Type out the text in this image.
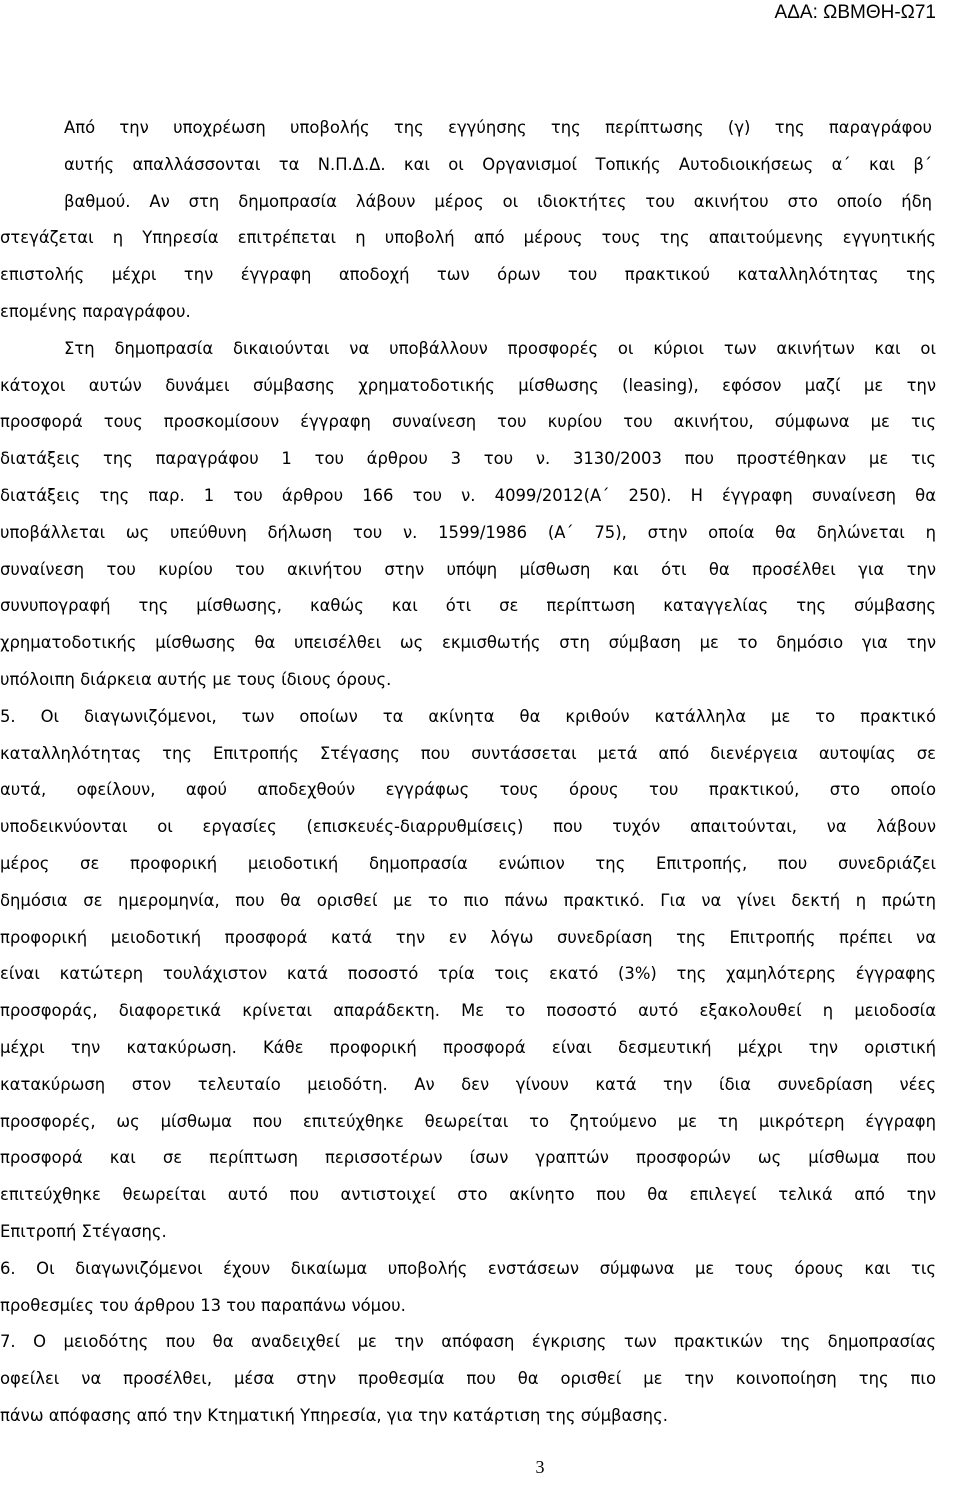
ΑΔΑ: ΩΒΜΘΗ-Ω71
Από την υποχρέωση υποβολής της εγγύησης της περίπτωσης (γ) της παραγράφου
αυτής απαλλάσσονται τα Ν.Π.Δ.Δ. και οι Οργανισμοί Τοπικής Αυτοδιοικήσεως α΄ και β΄
βαθμού. Αν στη δημοπρασία λάβουν μέρος οι ιδιοκτήτες του ακινήτου στο οποίο ήδη
στεγάζεται η Υπηρεσία επιτρέπεται η υποβολή από μέρους τους της απαιτούμενης εγγυητικής
επιστολής μέχρι την έγγραφη αποδοχή των όρων του πρακτικού καταλληλότητας της
επομένης παραγράφου.
Στη δημοπρασία δικαιούνται να υποβάλλουν προσφορές οι κύριοι των ακινήτων και οι
κάτοχοι αυτών δυνάμει σύμβασης χρηματοδοτικής μίσθωσης (leasing), εφόσον μαζί με την
προσφορά τους προσκομίσουν έγγραφη συναίνεση του κυρίου του ακινήτου, σύμφωνα με τις
διατάξεις της παραγράφου 1 του άρθρου 3 του ν. 3130/2003 που προστέθηκαν με τις
διατάξεις της παρ. 1 του άρθρου 166 του ν. 4099/2012(Α΄ 250). Η έγγραφη συναίνεση θα
υποβάλλεται ως υπεύθυνη δήλωση του ν. 1599/1986 (Α΄ 75), στην οποία θα δηλώνεται η
συναίνεση του κυρίου του ακινήτου στην υπόψη μίσθωση και ότι θα προσέλθει για την
συνυπογραφή της μίσθωσης, καθώς και ότι σε περίπτωση καταγγελίας της σύμβασης
χρηματοδοτικής μίσθωσης θα υπεισέλθει ως εκμισθωτής στη σύμβαση με το δημόσιο για την
υπόλοιπη διάρκεια αυτής με τους ίδιους όρους.
5. Οι διαγωνιζόμενοι, των οποίων τα ακίνητα θα κριθούν κατάλληλα με το πρακτικό
καταλληλότητας της Επιτροπής Στέγασης που συντάσσεται μετά από διενέργεια αυτοψίας σε
αυτά, οφείλουν, αφού αποδεχθούν εγγράφως τους όρους του πρακτικού, στο οποίο
υποδεικνύονται οι εργασίες (επισκευές-διαρρυθμίσεις) που τυχόν απαιτούνται, να λάβουν
μέρος σε προφορική μειοδοτική δημοπρασία ενώπιον της Επιτροπής, που συνεδριάζει
δημόσια σε ημερομηνία, που θα ορισθεί με το πιο πάνω πρακτικό. Για να γίνει δεκτή η πρώτη
προφορική μειοδοτική προσφορά κατά την εν λόγω συνεδρίαση της Επιτροπής πρέπει να
είναι κατώτερη τουλάχιστον κατά ποσοστό τρία τοις εκατό (3%) της χαμηλότερης έγγραφης
προσφοράς, διαφορετικά κρίνεται απαράδεκτη. Με το ποσοστό αυτό εξακολουθεί η μειοδοσία
μέχρι την κατακύρωση. Κάθε προφορική προσφορά είναι δεσμευτική μέχρι την οριστική
κατακύρωση στον τελευταίο μειοδότη. Αν δεν γίνουν κατά την ίδια συνεδρίαση νέες
προσφορές, ως μίσθωμα που επιτεύχθηκε θεωρείται το ζητούμενο με τη μικρότερη έγγραφη
προσφορά και σε περίπτωση περισσοτέρων ίσων γραπτών προσφορών ως μίσθωμα που
επιτεύχθηκε θεωρείται αυτό που αντιστοιχεί στο ακίνητο που θα επιλεγεί τελικά από την
Επιτροπή Στέγασης.
6. Οι διαγωνιζόμενοι έχουν δικαίωμα υποβολής ενστάσεων σύμφωνα με τους όρους και τις
προθεσμίες του άρθρου 13 του παραπάνω νόμου.
7. Ο μειοδότης που θα αναδειχθεί με την απόφαση έγκρισης των πρακτικών της δημοπρασίας
οφείλει να προσέλθει, μέσα στην προθεσμία που θα ορισθεί με την κοινοποίηση της πιο
πάνω απόφασης από την Κτηματική Υπηρεσία, για την κατάρτιση της σύμβασης.
3
